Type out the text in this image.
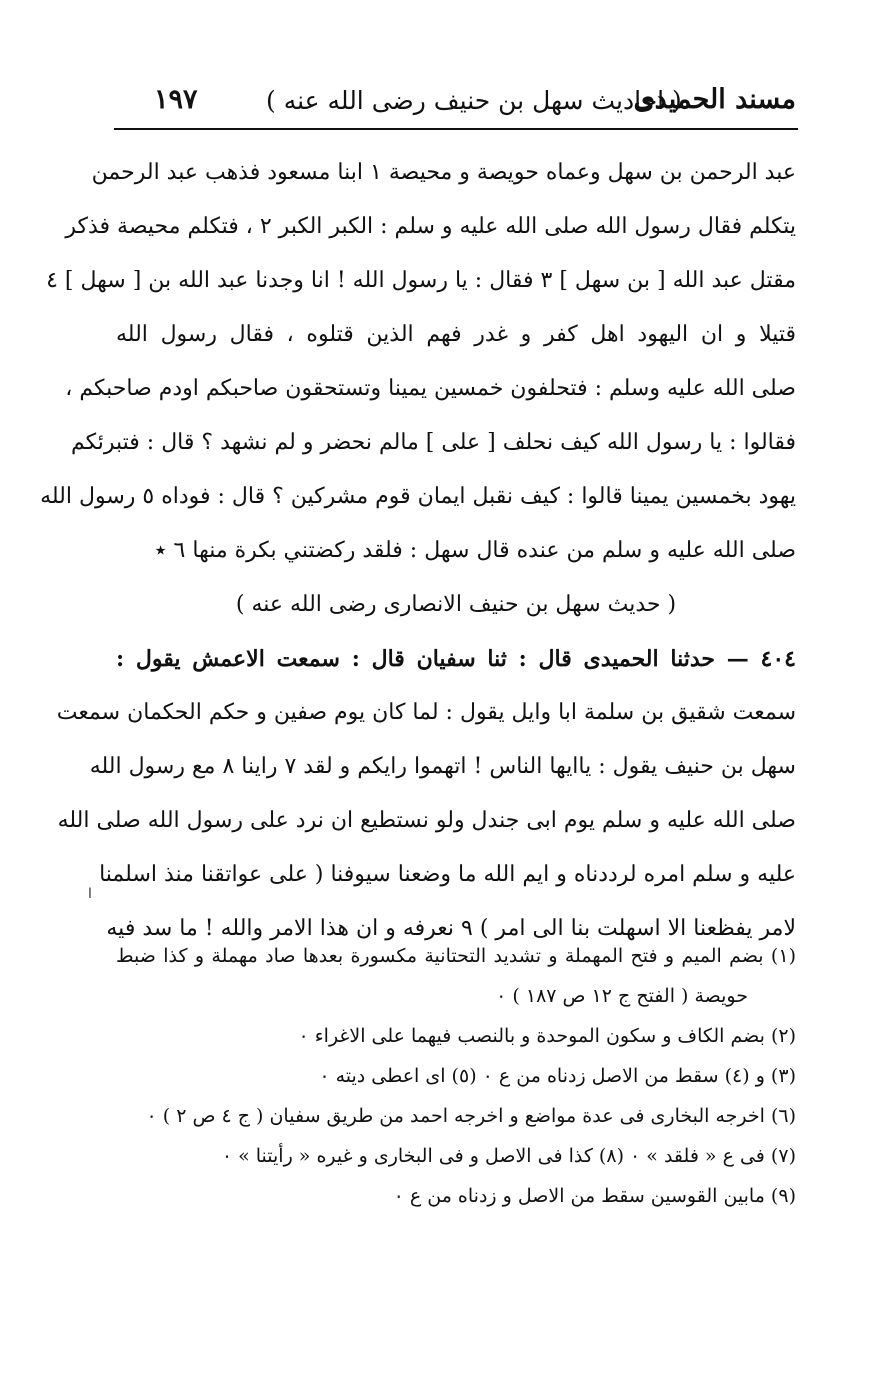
مسند الحميدى
( احاديث سهل بن حنيف رضى الله عنه )
١٩٧
عبد الرحمن بن سهل وعماه حويصة و محيصة ١ ابنا مسعود فذهب عبد الرحمن
يتكلم فقال رسول الله صلى الله عليه و سلم : الكبر الكبر ٢ ، فتكلم محيصة فذكر
مقتل عبد الله [ بن سهل ] ٣ فقال : يا رسول الله ! انا وجدنا عبد الله بن [ سهل ] ٤
قتيلا و ان اليهود اهل كفر و غدر فهم الذين قتلوه ، فقال رسول الله
صلى الله عليه وسلم : فتحلفون خمسين يمينا وتستحقون صاحبكم اودم صاحبكم ،
فقالوا : يا رسول الله كيف نحلف [ على ] مالم نحضر و لم نشهد ؟ قال : فتبرئكم
يهود بخمسين يمينا قالوا : كيف نقبل ايمان قوم مشركين ؟ قال : فوداه ٥ رسول الله
صلى الله عليه و سلم من عنده قال سهل : فلقد ركضتني بكرة منها ٦ ٭
( حديث سهل بن حنيف الانصارى رضى الله عنه )
٤٠٤ — حدثنا الحميدى قال : ثنا سفيان قال : سمعت الاعمش يقول :
سمعت شقيق بن سلمة ابا وايل يقول : لما كان يوم صفين و حكم الحكمان سمعت
سهل بن حنيف يقول : ياايها الناس ! اتهموا رايكم و لقد ٧ راينا ٨ مع رسول الله
صلى الله عليه و سلم يوم ابى جندل ولو نستطيع ان نرد على رسول الله صلى الله
عليه و سلم امره لرددناه و ايم الله ما وضعنا سيوفنا ( على عواتقنا منذ اسلمنا
لامر يفظعنا الا اسهلت بنا الى امر ) ٩ نعرفه و ان هذا الامر والله ! ما سد فيه
ا
(١) بضم الميم و فتح المهملة و تشديد التحتانية مكسورة بعدها صاد مهملة و كذا ضبط
حويصة ( الفتح ج ١٢ ص ١٨٧ ) ٠
(٢) بضم الكاف و سكون الموحدة و بالنصب فيهما على الاغراء ٠
(٣) و (٤) سقط من الاصل زدناه من ع ٠ (٥) اى اعطى ديته ٠
(٦) اخرجه البخارى فى عدة مواضع و اخرجه احمد من طريق سفيان ( ج ٤ ص ٢ ) ٠
(٧) فى ع « فلقد » ٠ (٨) كذا فى الاصل و فى البخارى و غيره « رأيتنا » ٠
(٩) مابين القوسين سقط من الاصل و زدناه من ع ٠
